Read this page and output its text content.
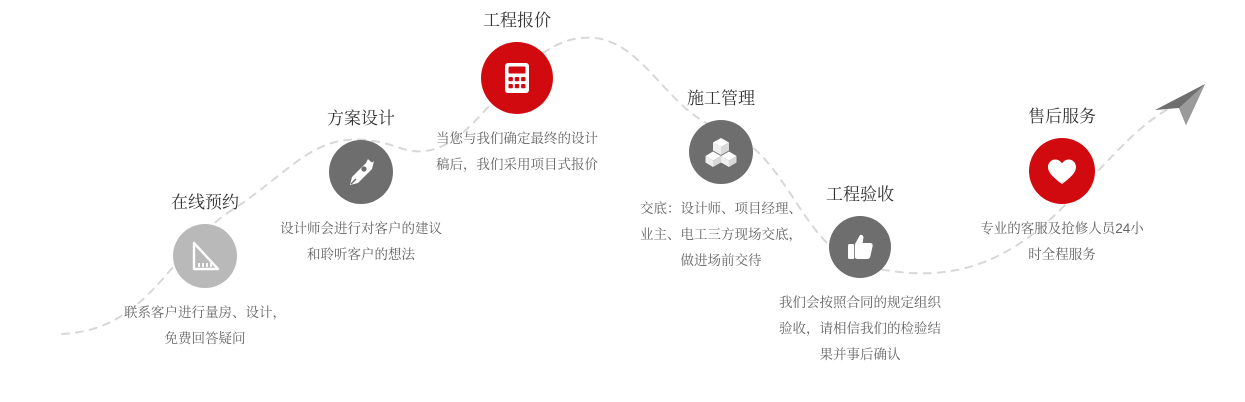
在线预约
联系客户进行量房、设计，免费回答疑问
方案设计
设计师会进行对客户的建议和聆听客户的想法
工程报价
当您与我们确定最终的设计稿后，我们采用项目式报价
施工管理
交底：设计师、项目经理、业主、电工三方现场交底，做进场前交待
工程验收
我们会按照合同的规定组织验收，请相信我们的检验结果并事后确认
售后服务
专业的客服及抢修人员24小时全程服务
